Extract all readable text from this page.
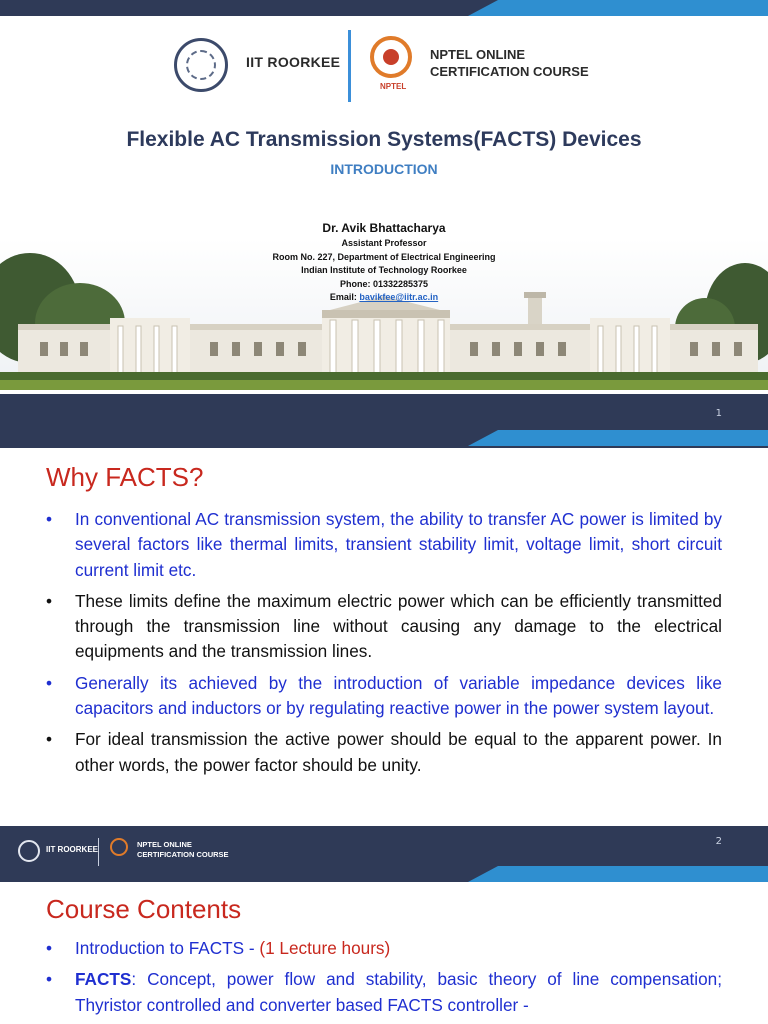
IIT ROORKEE
NPTEL
NPTEL ONLINE
CERTIFICATION COURSE
Flexible AC Transmission Systems(FACTS) Devices
INTRODUCTION
Dr. Avik Bhattacharya
Assistant Professor
Room No. 227, Department of Electrical Engineering
Indian Institute of Technology Roorkee
Phone: 01332285375
Email: bavikfee@iitr.ac.in
1
Why FACTS?
• In conventional AC transmission system, the ability to transfer AC power is limited by several factors like thermal limits, transient stability limit, voltage limit, short circuit current limit etc.
• These limits define the maximum electric power which can be efficiently transmitted through the transmission line without causing any damage to the electrical equipments and the transmission lines.
• Generally its achieved by the introduction of variable impedance devices like capacitors and inductors or by regulating reactive power in the power system layout.
• For ideal transmission the active power should be equal to the apparent power. In other words, the power factor should be unity.
IIT ROORKEE
NPTEL ONLINE
CERTIFICATION COURSE
2
Course Contents
• Introduction to FACTS - (1 Lecture hours)
• FACTS: Concept, power flow and stability, basic theory of line compensation; Thyristor controlled and converter based FACTS controller -
